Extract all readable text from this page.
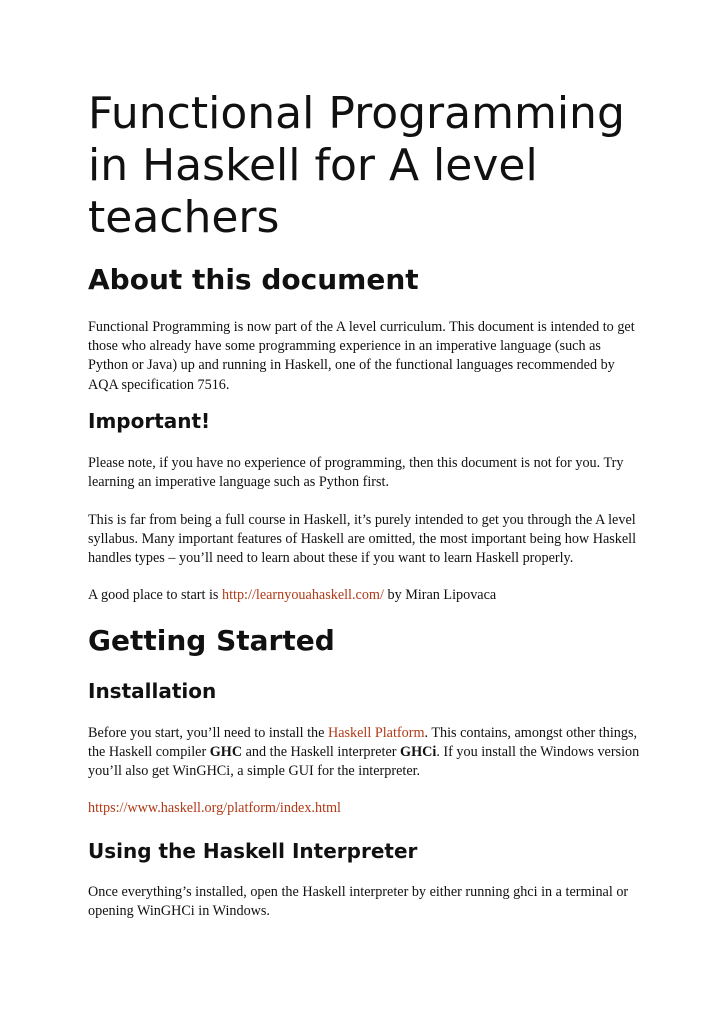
Functional Programming in Haskell for A level teachers
About this document

Functional Programming is now part of the A level curriculum. This document is intended to get those who already have some programming experience in an imperative language (such as Python or Java) up and running in Haskell, one of the functional languages recommended by AQA specification 7516.

Important!

Please note, if you have no experience of programming, then this document is not for you. Try learning an imperative language such as Python first.

This is far from being a full course in Haskell, it’s purely intended to get you through the A level syllabus. Many important features of Haskell are omitted, the most important being how Haskell handles types – you’ll need to learn about these if you want to learn Haskell properly.

A good place to start is http://learnyouahaskell.com/ by Miran Lipovaca

Getting Started
Installation

Before you start, you’ll need to install the Haskell Platform. This contains, amongst other things, the Haskell compiler GHC and the Haskell interpreter GHCi. If you install the Windows version you’ll also get WinGHCi, a simple GUI for the interpreter.

https://www.haskell.org/platform/index.html

Using the Haskell Interpreter

Once everything’s installed, open the Haskell interpreter by either running ghci in a terminal or opening WinGHCi in Windows.
